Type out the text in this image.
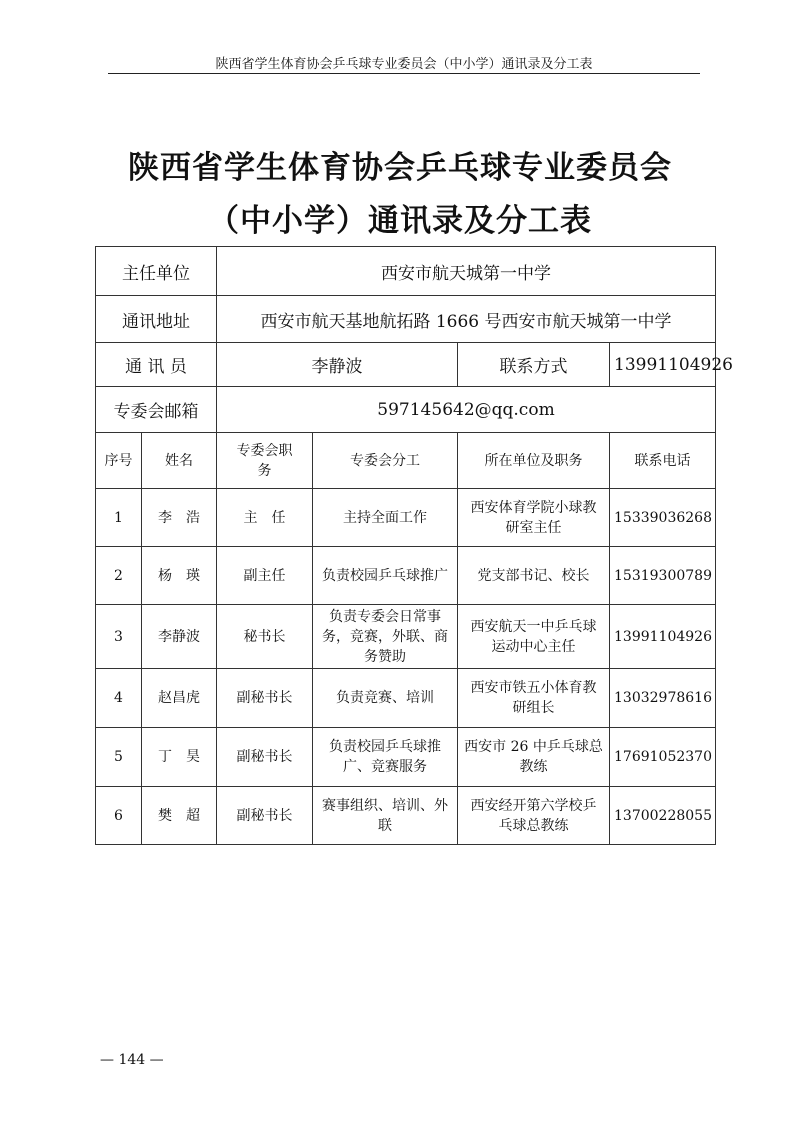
陕西省学生体育协会乒乓球专业委员会（中小学）通讯录及分工表
陕西省学生体育协会乒乓球专业委员会
（中小学）通讯录及分工表
主任单位		西安市航天城第一中学			
通讯地址		西安市航天基地航拓路 1666 号西安市航天城第一中学			
通 讯 员		李静波		联系方式	13991104926
专委会邮箱		597145642@qq.com			
序号	姓名	专委会职务	专委会分工	所在单位及职务	联系电话
1	李　浩	主　任	主持全面工作	西安体育学院小球教研室主任	15339036268
2	杨　瑛	副主任	负责校园乒乓球推广	党支部书记、校长	15319300789
3	李静波	秘书长	负责专委会日常事务，竞赛，外联、商务赞助	西安航天一中乒乓球运动中心主任	13991104926
4	赵昌虎	副秘书长	负责竞赛、培训	西安市铁五小体育教研组长	13032978616
5	丁　昊	副秘书长	负责校园乒乓球推广、竞赛服务	西安市 26 中乒乓球总教练	17691052370
6	樊　超	副秘书长	赛事组织、培训、外联	西安经开第六学校乒乓球总教练	13700228055
— 144 —
